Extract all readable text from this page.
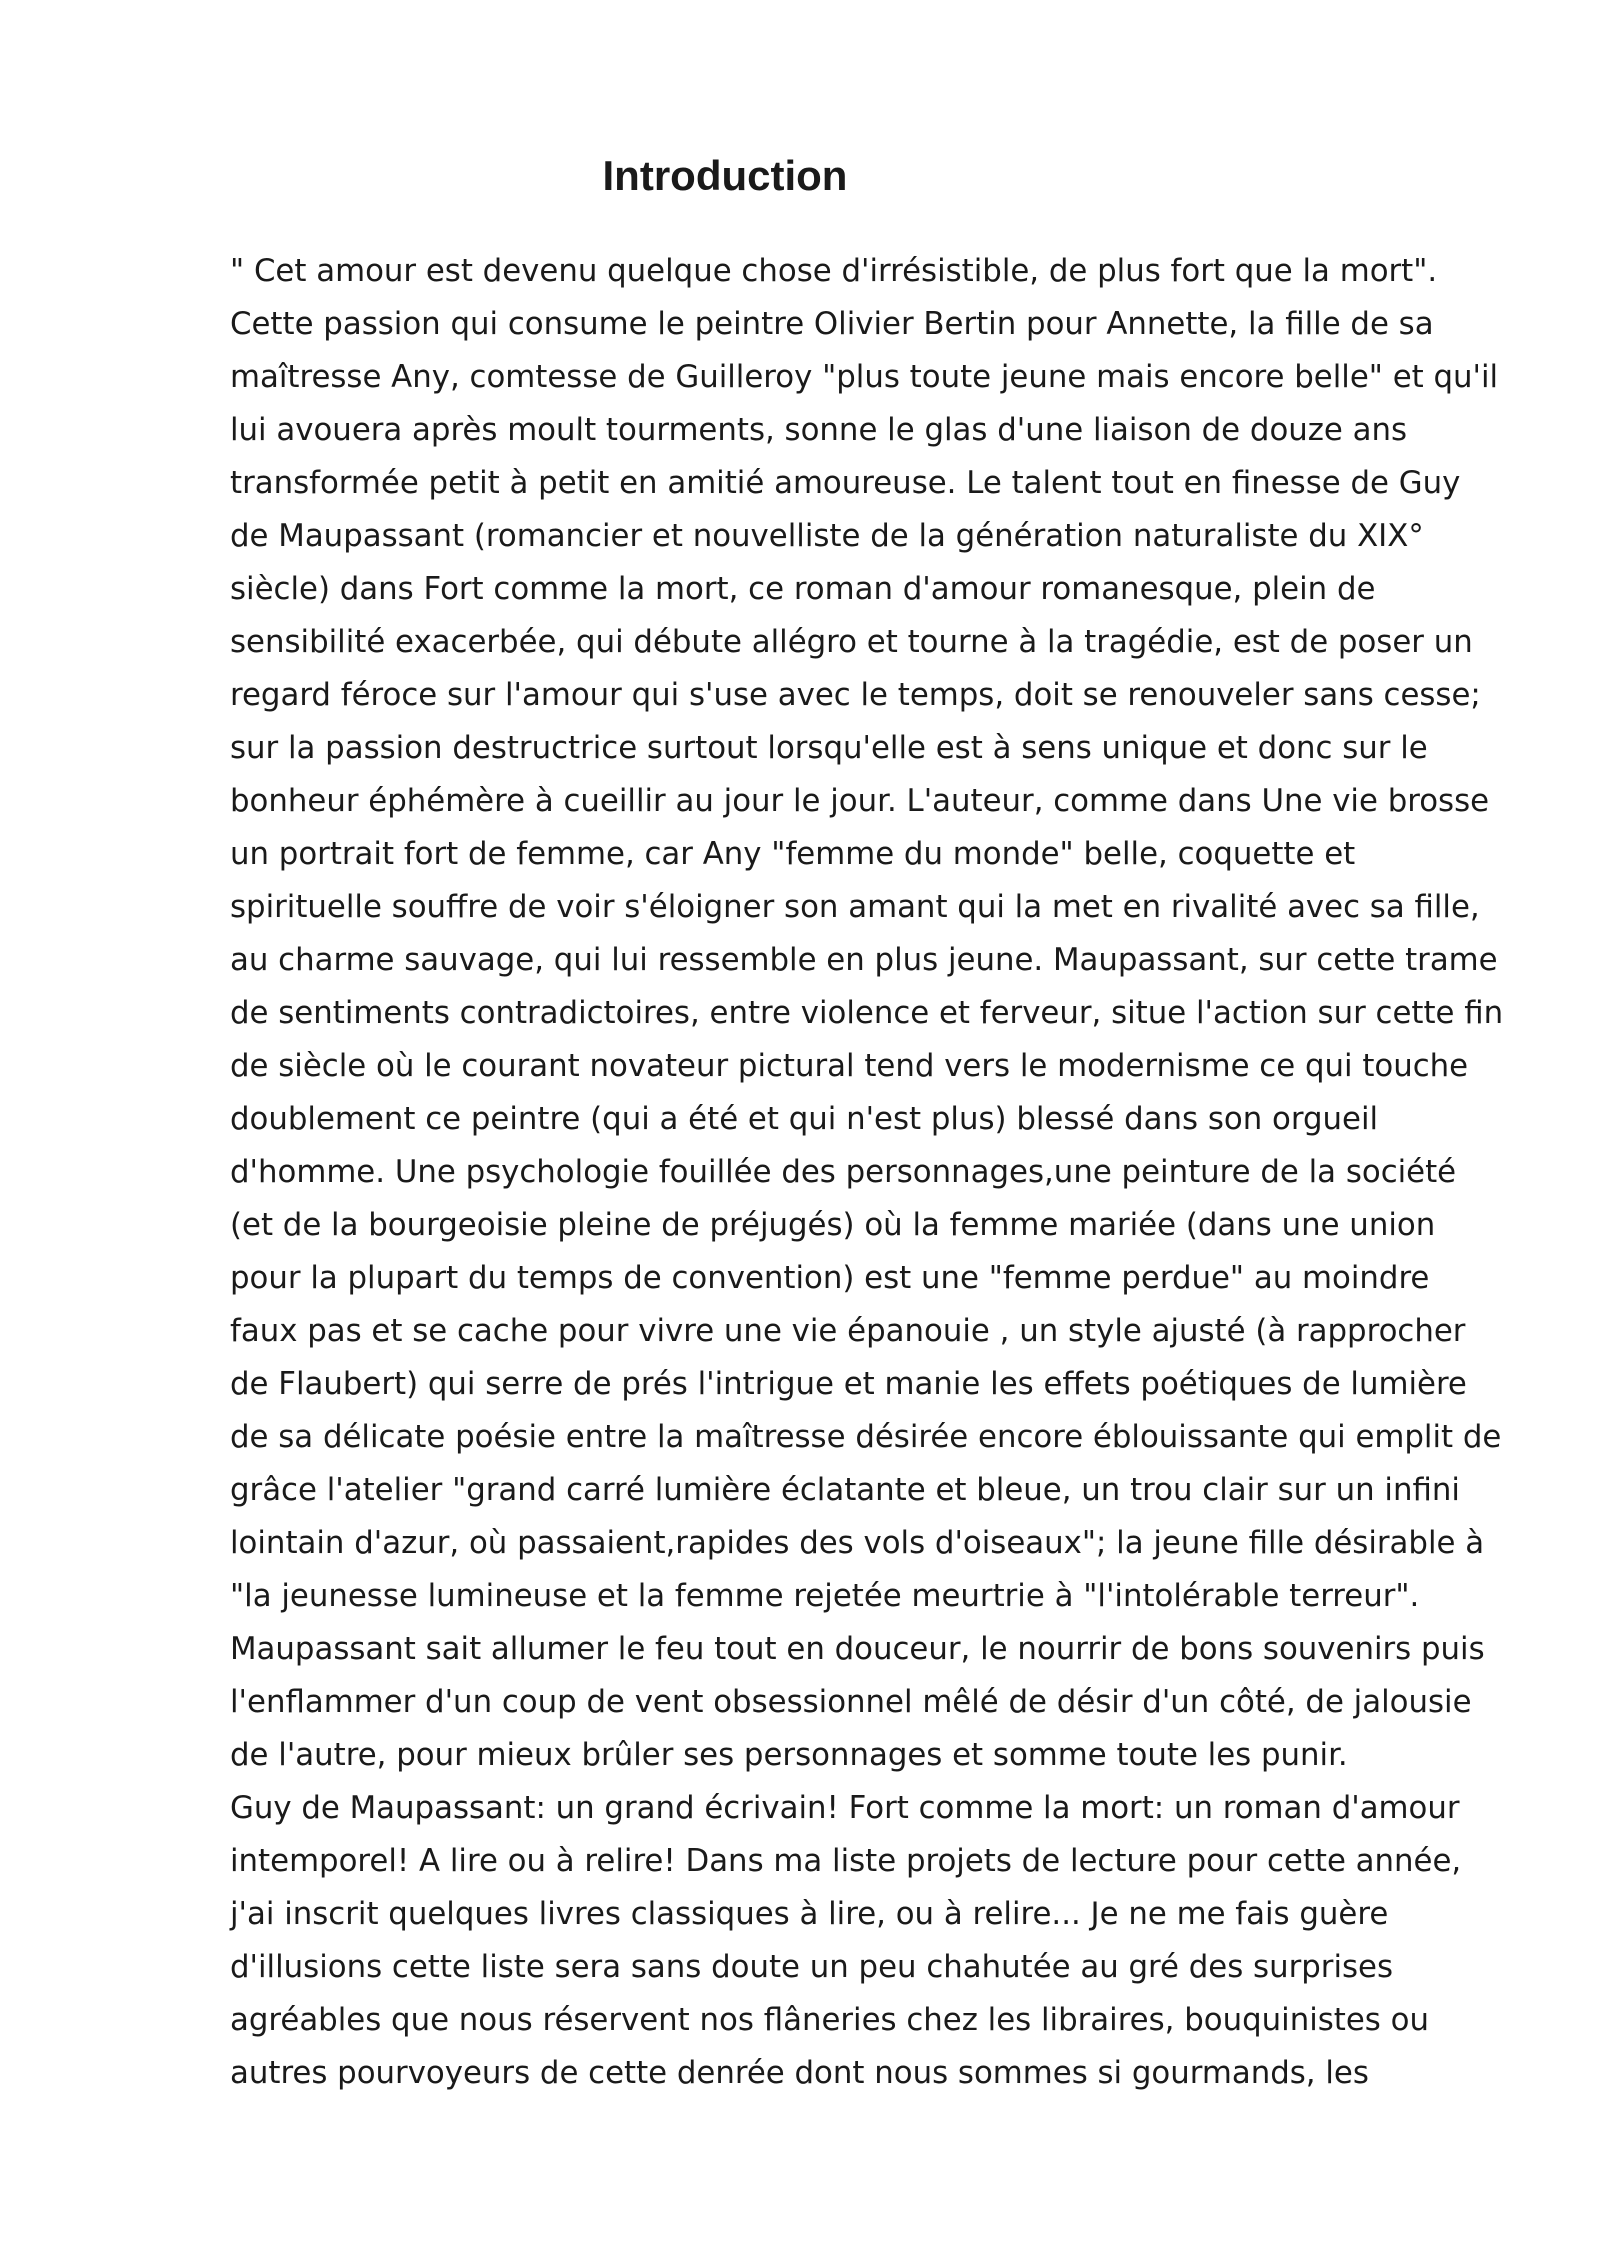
Introduction
" Cet amour est devenu quelque chose d'irrésistible, de plus fort que la mort".
Cette passion qui consume le peintre Olivier Bertin pour Annette, la fille de sa
maîtresse Any, comtesse de Guilleroy "plus toute jeune mais encore belle" et qu'il
lui avouera après moult tourments, sonne le glas d'une liaison de douze ans
transformée petit à petit en amitié amoureuse. Le talent tout en finesse de Guy
de Maupassant (romancier et nouvelliste de la génération naturaliste du XIX°
siècle) dans Fort comme la mort, ce roman d'amour romanesque, plein de
sensibilité exacerbée, qui débute allégro et tourne à la tragédie, est de poser un
regard féroce sur l'amour qui s'use avec le temps, doit se renouveler sans cesse;
sur la passion destructrice surtout lorsqu'elle est à sens unique et donc sur le
bonheur éphémère à cueillir au jour le jour. L'auteur, comme dans Une vie brosse
un portrait fort de femme, car Any "femme du monde" belle, coquette et
spirituelle souffre de voir s'éloigner son amant qui la met en rivalité avec sa fille,
au charme sauvage, qui lui ressemble en plus jeune. Maupassant, sur cette trame
de sentiments contradictoires, entre violence et ferveur, situe l'action sur cette fin
de siècle où le courant novateur pictural tend vers le modernisme ce qui touche
doublement ce peintre (qui a été et qui n'est plus) blessé dans son orgueil
d'homme. Une psychologie fouillée des personnages,une peinture de la société
(et de la bourgeoisie pleine de préjugés) où la femme mariée (dans une union
pour la plupart du temps de convention) est une "femme perdue" au moindre
faux pas et se cache pour vivre une vie épanouie , un style ajusté (à rapprocher
de Flaubert) qui serre de prés l'intrigue et manie les effets poétiques de lumière
de sa délicate poésie entre la maîtresse désirée encore éblouissante qui emplit de
grâce l'atelier "grand carré lumière éclatante et bleue, un trou clair sur un infini
lointain d'azur, où passaient,rapides des vols d'oiseaux"; la jeune fille désirable à
"la jeunesse lumineuse et la femme rejetée meurtrie à "l'intolérable terreur".
Maupassant sait allumer le feu tout en douceur, le nourrir de bons souvenirs puis
l'enflammer d'un coup de vent obsessionnel mêlé de désir d'un côté, de jalousie
de l'autre, pour mieux brûler ses personnages et somme toute les punir.
Guy de Maupassant: un grand écrivain! Fort comme la mort: un roman d'amour
intemporel! A lire ou à relire! Dans ma liste projets de lecture pour cette année,
j'ai inscrit quelques livres classiques à lire, ou à relire... Je ne me fais guère
d'illusions cette liste sera sans doute un peu chahutée au gré des surprises
agréables que nous réservent nos flâneries chez les libraires, bouquinistes ou
autres pourvoyeurs de cette denrée dont nous sommes si gourmands, les
